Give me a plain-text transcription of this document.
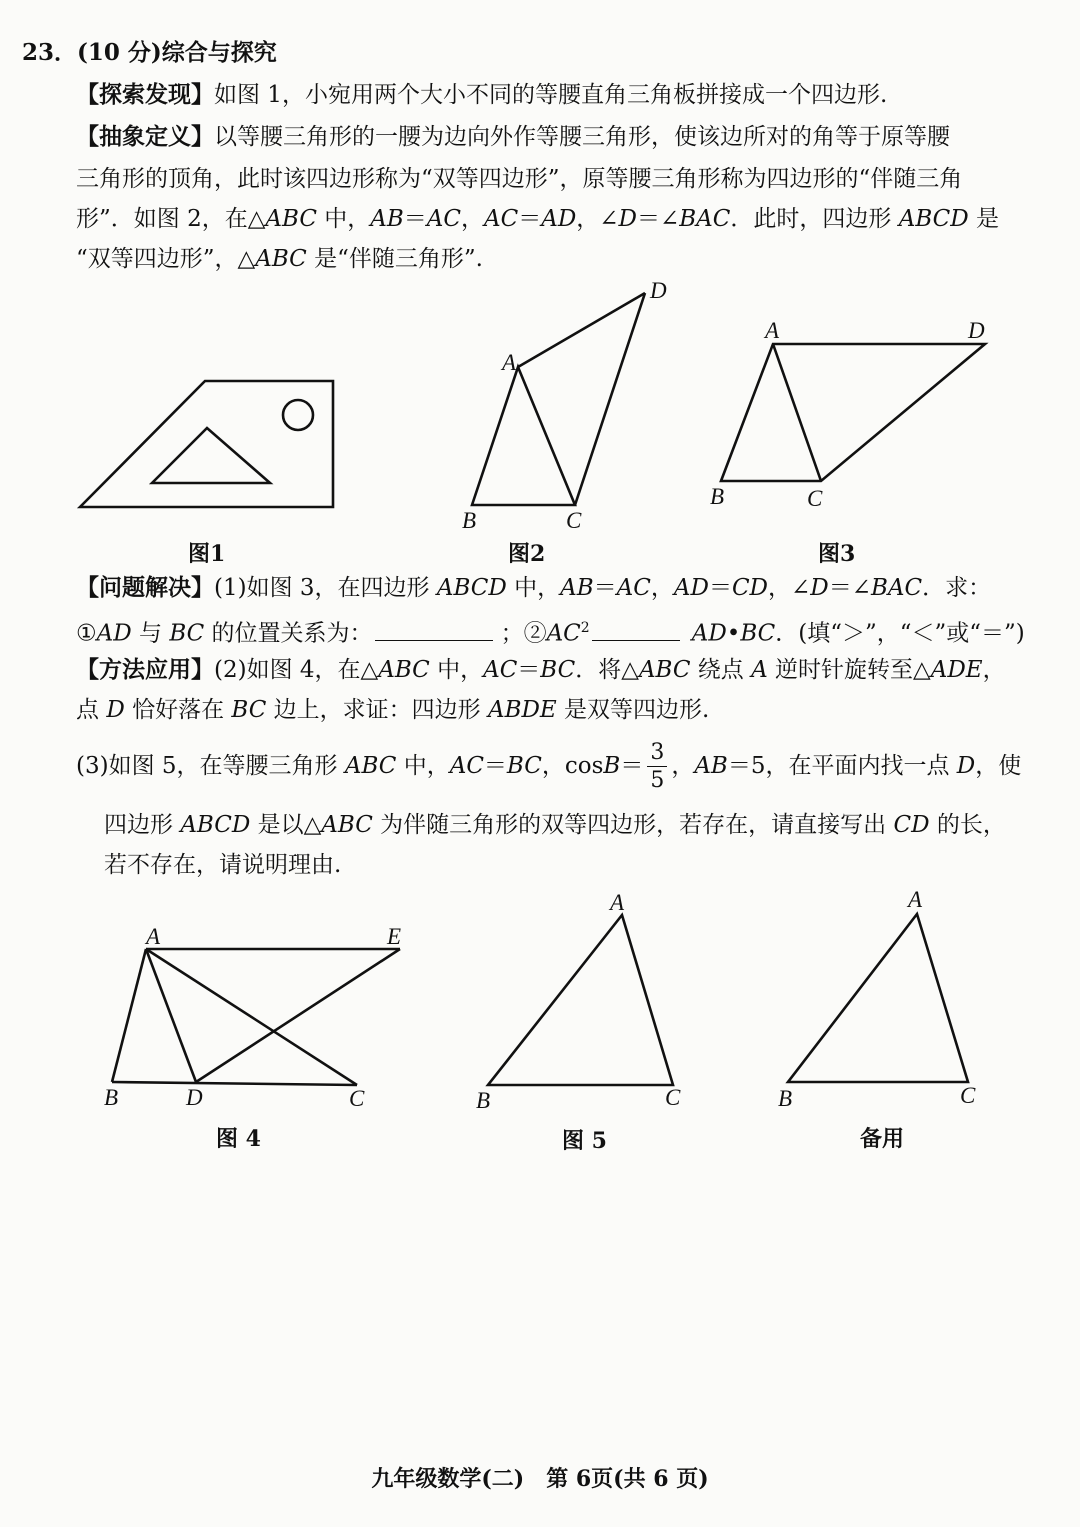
23．(10 分)综合与探究
【探索发现】如图 1，小宛用两个大小不同的等腰直角三角板拼接成一个四边形.
【抽象定义】以等腰三角形的一腰为边向外作等腰三角形，使该边所对的角等于原等腰
三角形的顶角，此时该四边形称为“双等四边形”，原等腰三角形称为四边形的“伴随三角
形”．如图 2，在△ABC 中，AB＝AC，AC＝AD，∠D＝∠BAC．此时，四边形 ABCD 是
“双等四边形”，△ABC 是“伴随三角形”.
D
A
B	C
A	D
B	C
A	E
B	D	C
A
B	C
A
B	C
图1	图2	图3
【问题解决】(1)如图 3，在四边形 ABCD 中，AB＝AC，AD＝CD，∠D＝∠BAC．求：
①AD 与 BC 的位置关系为：	；$②AC^2$	AD•BC．(填“＞”，“＜”或“＝”)
【方法应用】(2)如图 4，在△ABC 中，AC＝BC．将△ABC 绕点 A 逆时针旋转至△ADE，
点 D 恰好落在 BC 边上，求证：四边形 ABDE 是双等四边形.
(3)如图 5，在等腰三角形 ABC 中，AC＝BC，$\cos B= \frac{3}{5}$ ，AB＝5，在平面内找一点 D，使
四边形 ABCD 是以△ABC 为伴随三角形的双等四边形，若存在，请直接写出 CD 的长，
若不存在，请说明理由.
图 4	图 5	备用
九年级数学(二)　第 6页(共 6 页)
